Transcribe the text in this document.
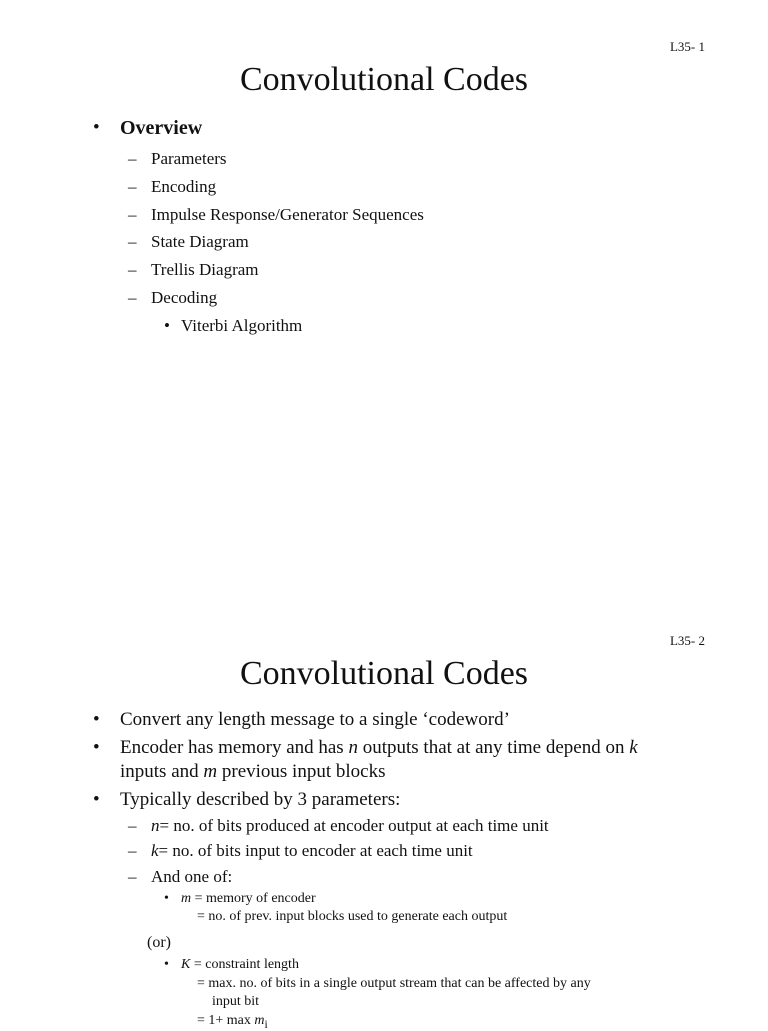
L35- 1
Convolutional Codes
• Overview
– Parameters
– Encoding
– Impulse Response/Generator Sequences
– State Diagram
– Trellis Diagram
– Decoding
• Viterbi Algorithm
L35- 2
Convolutional Codes
• Convert any length message to a single ‘codeword’
• Encoder has memory and has n outputs that at any time depend on k
inputs and m previous input blocks
• Typically described by 3 parameters:
– n= no. of bits produced at encoder output at each time unit
– k= no. of bits input to encoder at each time unit
– And one of:
• m = memory of encoder
= no. of prev. input blocks used to generate each output
(or)
• K = constraint length
= max. no. of bits in a single output stream that can be affected by any
input bit
= $1+ \max m_i$
